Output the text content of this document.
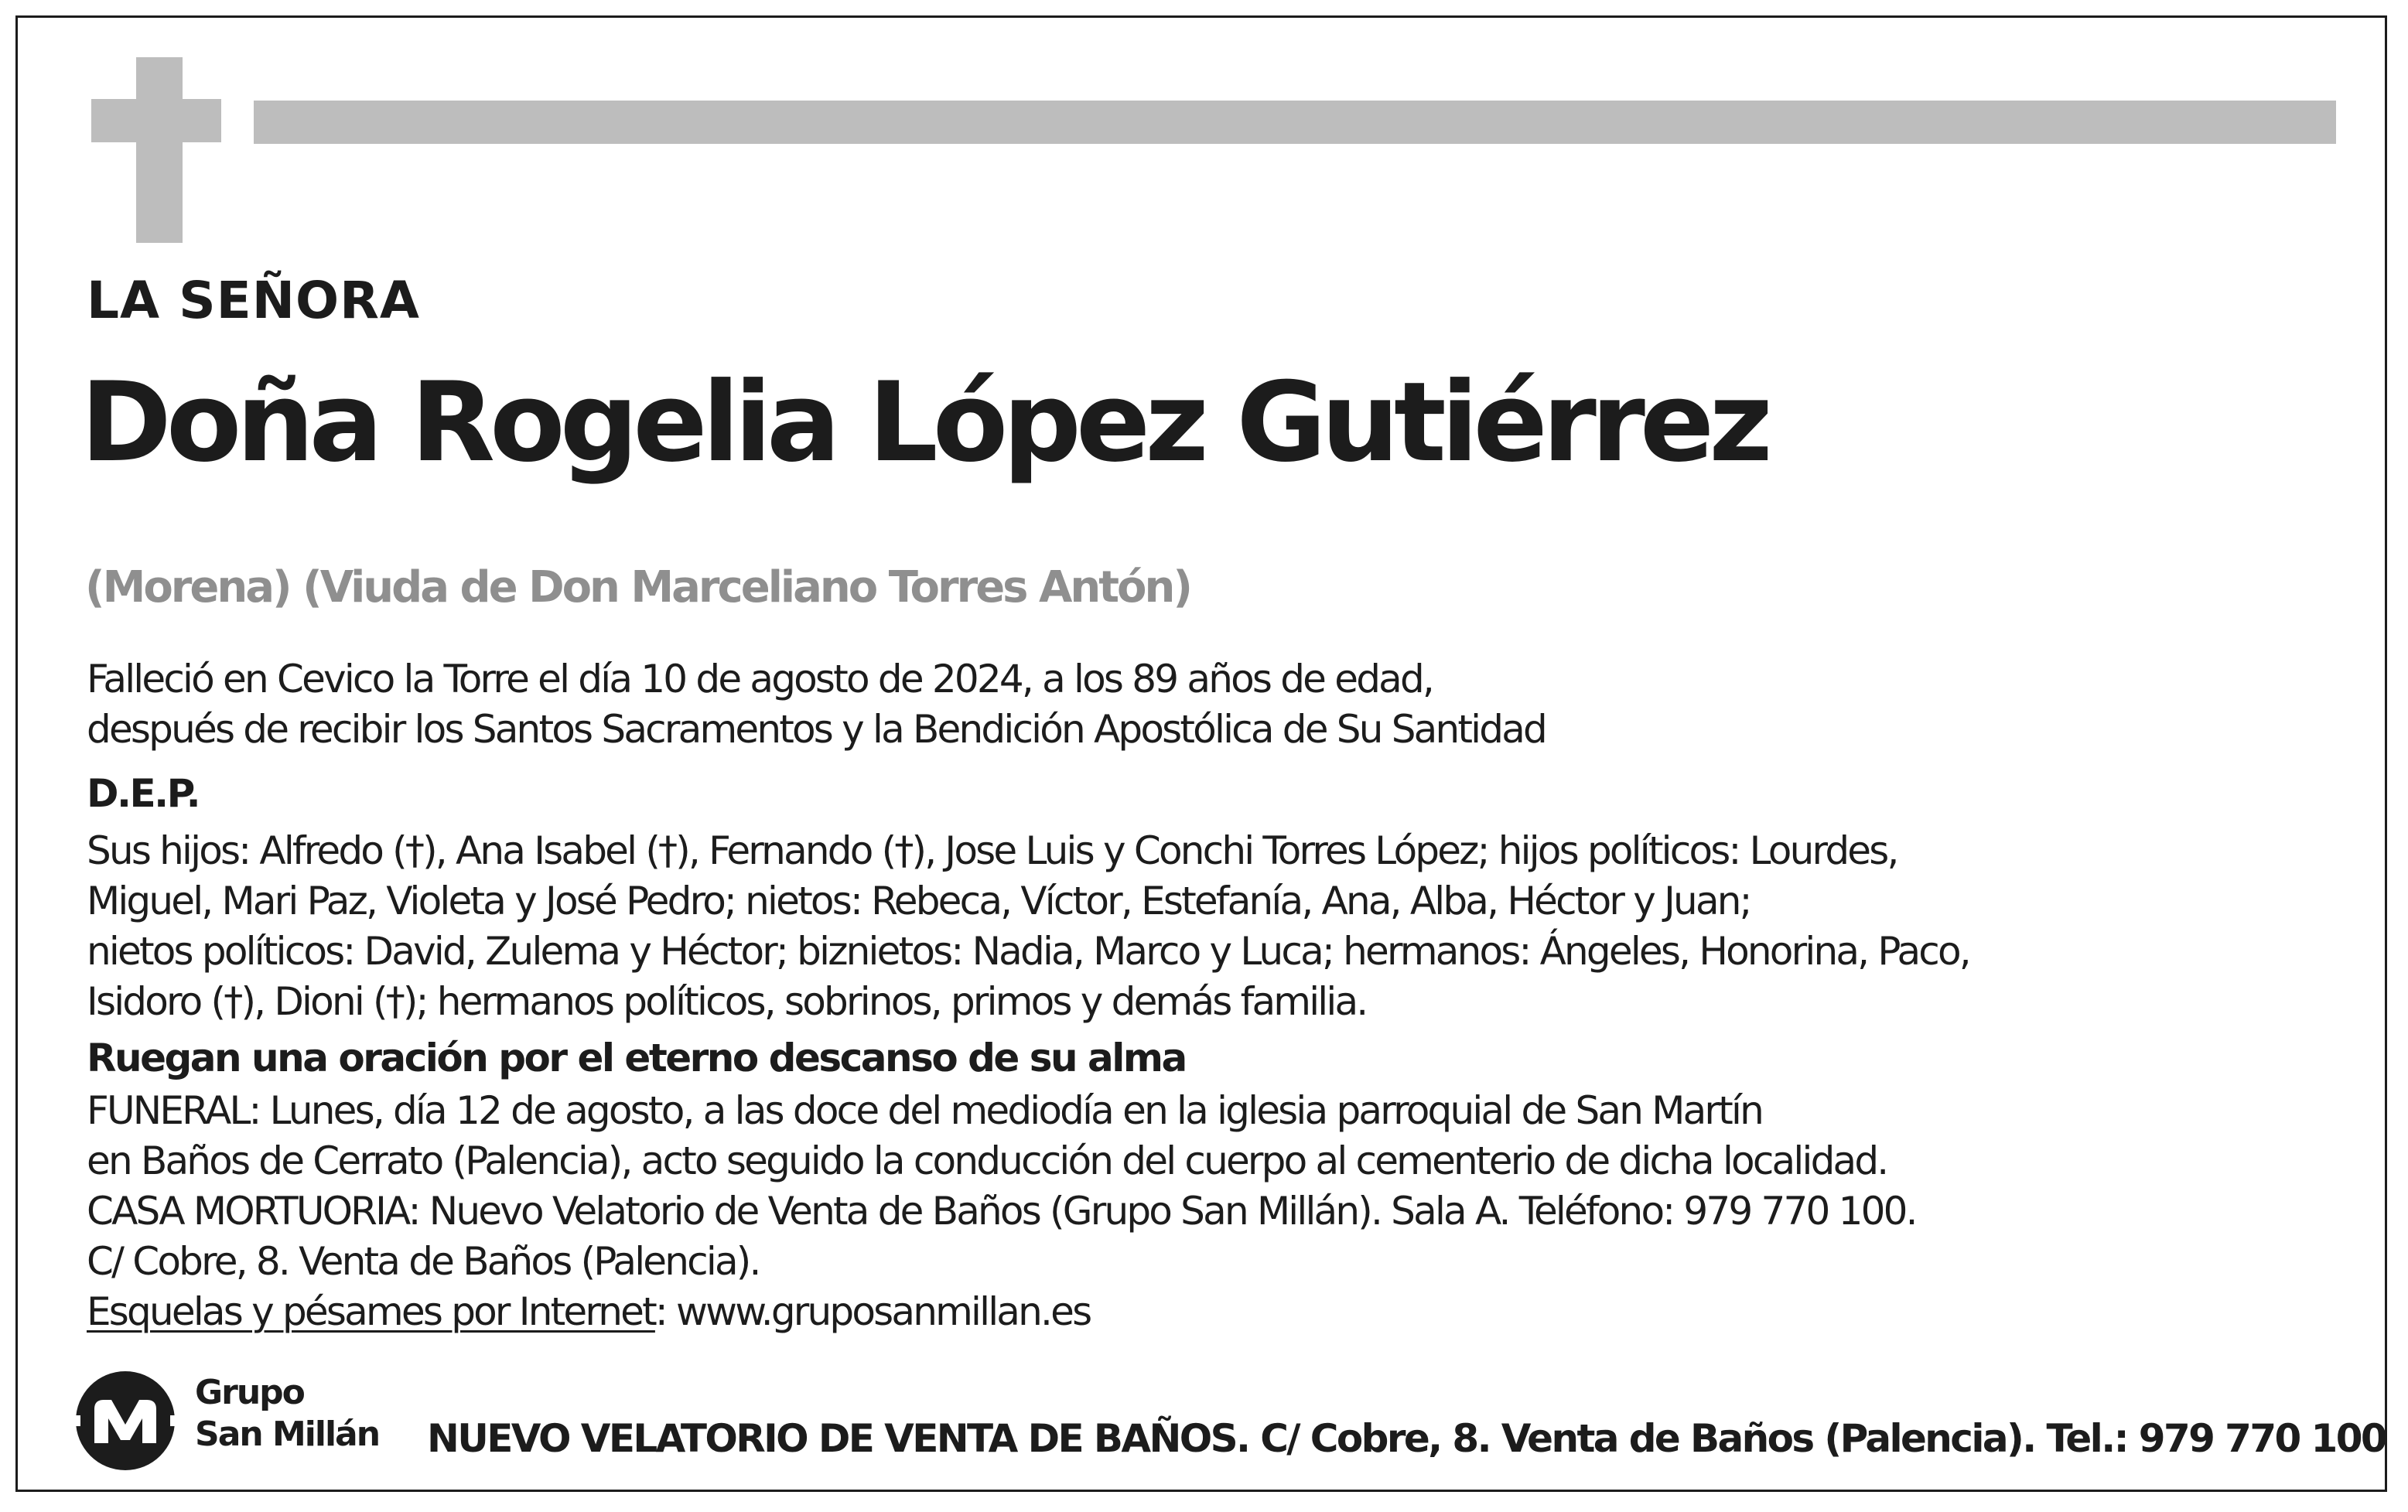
LA SEÑORA
Doña Rogelia López Gutiérrez
(Morena) (Viuda de Don Marceliano Torres Antón)
Falleció en Cevico la Torre el día 10 de agosto de 2024, a los 89 años de edad,
después de recibir los Santos Sacramentos y la Bendición Apostólica de Su Santidad
D.E.P.
Sus hijos: Alfredo (†), Ana Isabel (†), Fernando (†), Jose Luis y Conchi Torres López; hijos políticos: Lourdes,
Miguel, Mari Paz, Violeta y José Pedro; nietos: Rebeca, Víctor, Estefanía, Ana, Alba, Héctor y Juan;
nietos políticos: David, Zulema y Héctor; biznietos: Nadia, Marco y Luca; hermanos: Ángeles, Honorina, Paco,
Isidoro (†), Dioni (†); hermanos políticos, sobrinos, primos y demás familia.
Ruegan una oración por el eterno descanso de su alma
FUNERAL: Lunes, día 12 de agosto, a las doce del mediodía en la iglesia parroquial de San Martín
en Baños de Cerrato (Palencia), acto seguido la conducción del cuerpo al cementerio de dicha localidad.
CASA MORTUORIA: Nuevo Velatorio de Venta de Baños (Grupo San Millán). Sala A. Teléfono: 979 770 100.
C/ Cobre, 8. Venta de Baños (Palencia).
Esquelas y pésames por Internet: www.gruposanmillan.es
Grupo
San Millán NUEVO VELATORIO DE VENTA DE BAÑOS. C/ Cobre, 8. Venta de Baños (Palencia). Tel.: 979 770 100
